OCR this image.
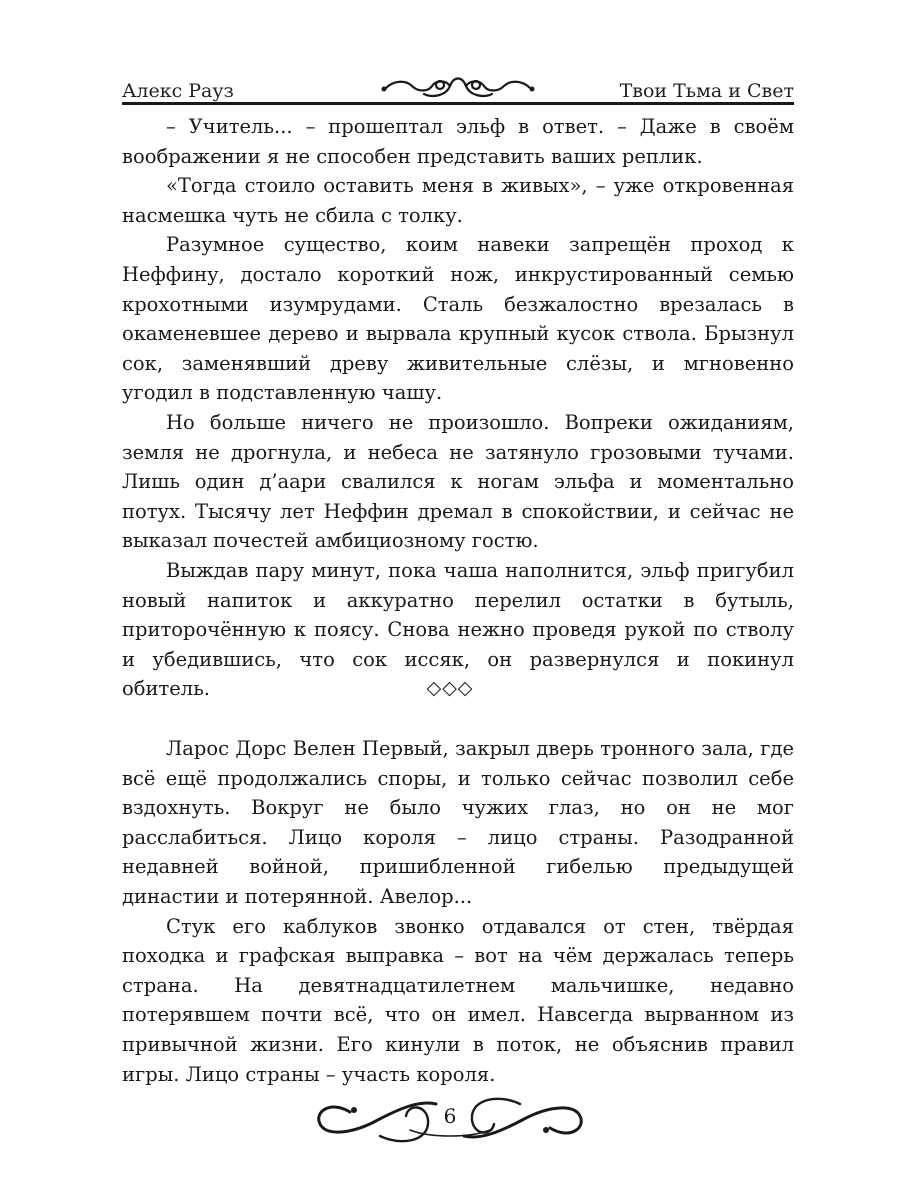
Алекс Рауз	Твои Тьма и Свет

– Учитель... – прошептал эльф в ответ. – Даже в своём воображении я не способен представить ваших реплик.

«Тогда стоило оставить меня в живых», – уже откровенная насмешка чуть не сбила с толку.

Разумное существо, коим навеки запрещён проход к Неффину, достало короткий нож, инкрустированный семью крохотными изумрудами. Сталь безжалостно врезалась в окаменевшее дерево и вырвала крупный кусок ствола. Брызнул сок, заменявший древу живительные слёзы, и мгновенно угодил в подставленную чашу.

Но больше ничего не произошло. Вопреки ожиданиям, земля не дрогнула, и небеса не затянуло грозовыми тучами. Лишь один д’аари свалился к ногам эльфа и моментально потух. Тысячу лет Неффин дремал в спокойствии, и сейчас не выказал почестей амбициозному гостю.

Выждав пару минут, пока чаша наполнится, эльф пригубил новый напиток и аккуратно перелил остатки в бутыль, приторочённую к поясу. Снова нежно проведя рукой по стволу и убедившись, что сок иссяк, он развернулся и покинул обитель.	◇◇◇

Ларос Дорс Велен Первый, закрыл дверь тронного зала, где всё ещё продолжались споры, и только сейчас позволил себе вздохнуть. Вокруг не было чужих глаз, но он не мог расслабиться. Лицо короля – лицо страны. Разодранной недавней войной, пришибленной гибелью предыдущей династии и потерянной. Авелор...

Стук его каблуков звонко отдавался от стен, твёрдая походка и графская выправка – вот на чём держалась теперь страна. На девятнадцатилетнем мальчишке, недавно потерявшем почти всё, что он имел. Навсегда вырванном из привычной жизни. Его кинули в поток, не объяснив правил игры. Лицо страны – участь короля.

6
